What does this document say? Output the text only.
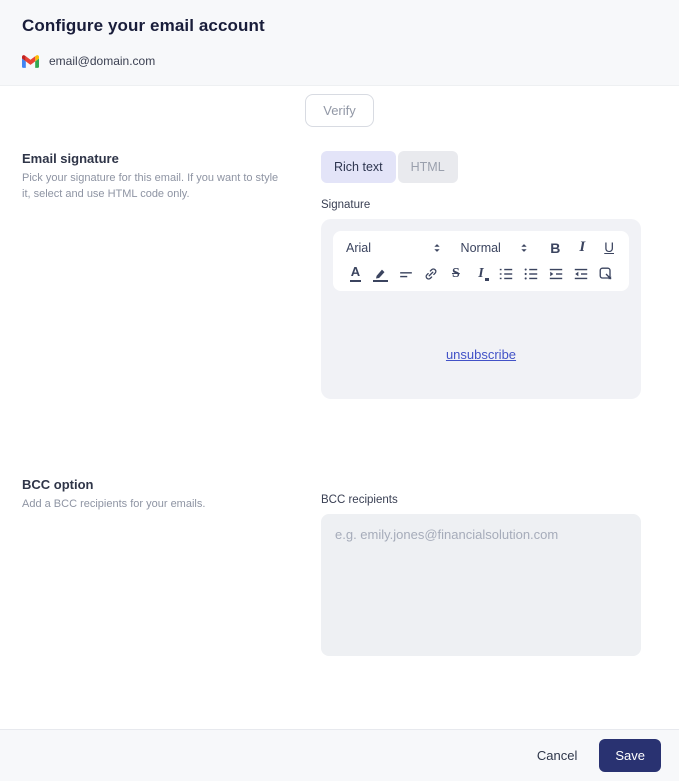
Configure your email account
email@domain.com
Verify
Email signature
Pick your signature for this email. If you want to style it, select and use HTML code only.
Rich text	HTML
Signature
Arial	Normal	B I U
A	S	I
unsubscribe
BCC option
Add a BCC recipients for your emails.	BCC recipients
e.g. emily.jones@financialsolution.com
Cancel	Save
